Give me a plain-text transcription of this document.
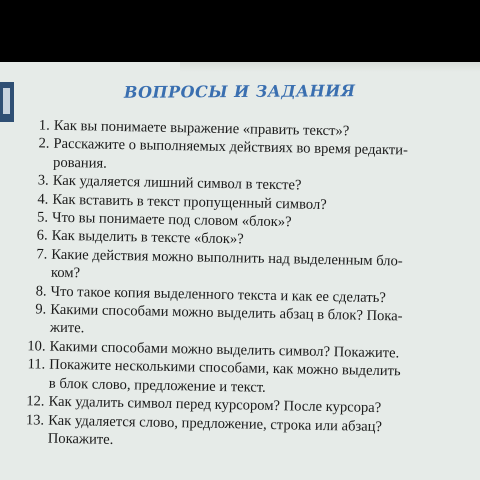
ВОПРОСЫ И ЗАДАНИЯ
1. Как вы понимаете выражение «править текст»?
2. Расскажите о выполняемых действиях во время редакти-
рования.
3. Как удаляется лишний символ в тексте?
4. Как вставить в текст пропущенный символ?
5. Что вы понимаете под словом «блок»?
6. Как выделить в тексте «блок»?
7. Какие действия можно выполнить над выделенным бло-
ком?
8. Что такое копия выделенного текста и как ее сделать?
9. Какими способами можно выделить абзац в блок? Пока-
жите.
10. Какими способами можно выделить символ? Покажите.
11. Покажите несколькими способами, как можно выделить
в блок слово, предложение и текст.
12. Как удалить символ перед курсором? После курсора?
13. Как удаляется слово, предложение, строка или абзац?
Покажите.
